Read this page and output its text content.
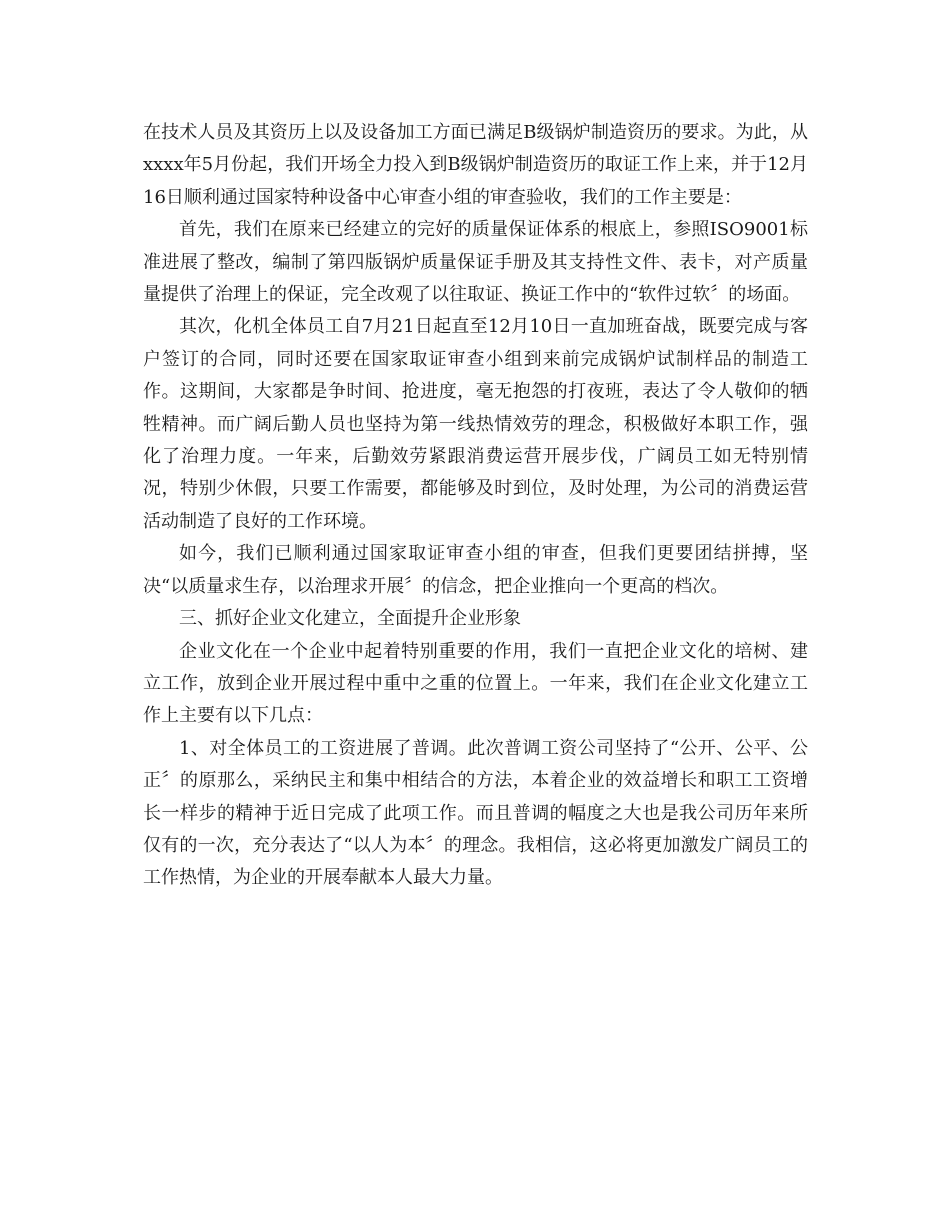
在技术人员及其资历上以及设备加工方面已满足B级锅炉制造资历的要求。为此，从xxxx年5月份起，我们开场全力投入到B级锅炉制造资历的取证工作上来，并于12月16日顺利通过国家特种设备中心审查小组的审查验收，我们的工作主要是：

首先，我们在原来已经建立的完好的质量保证体系的根底上，参照ISO9001标准进展了整改，编制了第四版锅炉质量保证手册及其支持性文件、表卡，对产质量量提供了治理上的保证，完全改观了以往取证、换证工作中的“软件过软〞的场面。

其次，化机全体员工自7月21日起直至12月10日一直加班奋战，既要完成与客户签订的合同，同时还要在国家取证审查小组到来前完成锅炉试制样品的制造工作。这期间，大家都是争时间、抢进度，毫无抱怨的打夜班，表达了令人敬仰的牺牲精神。而广阔后勤人员也坚持为第一线热情效劳的理念，积极做好本职工作，强化了治理力度。一年来，后勤效劳紧跟消费运营开展步伐，广阔员工如无特别情况，特别少休假，只要工作需要，都能够及时到位，及时处理，为公司的消费运营活动制造了良好的工作环境。

如今，我们已顺利通过国家取证审查小组的审查，但我们更要团结拼搏，坚决“以质量求生存，以治理求开展〞的信念，把企业推向一个更高的档次。

三、抓好企业文化建立，全面提升企业形象

企业文化在一个企业中起着特别重要的作用，我们一直把企业文化的培树、建立工作，放到企业开展过程中重中之重的位置上。一年来，我们在企业文化建立工作上主要有以下几点：

1、对全体员工的工资进展了普调。此次普调工资公司坚持了“公开、公平、公正〞的原那么，采纳民主和集中相结合的方法，本着企业的效益增长和职工工资增长一样步的精神于近日完成了此项工作。而且普调的幅度之大也是我公司历年来所仅有的一次，充分表达了“以人为本〞的理念。我相信，这必将更加激发广阔员工的工作热情，为企业的开展奉献本人最大力量。
